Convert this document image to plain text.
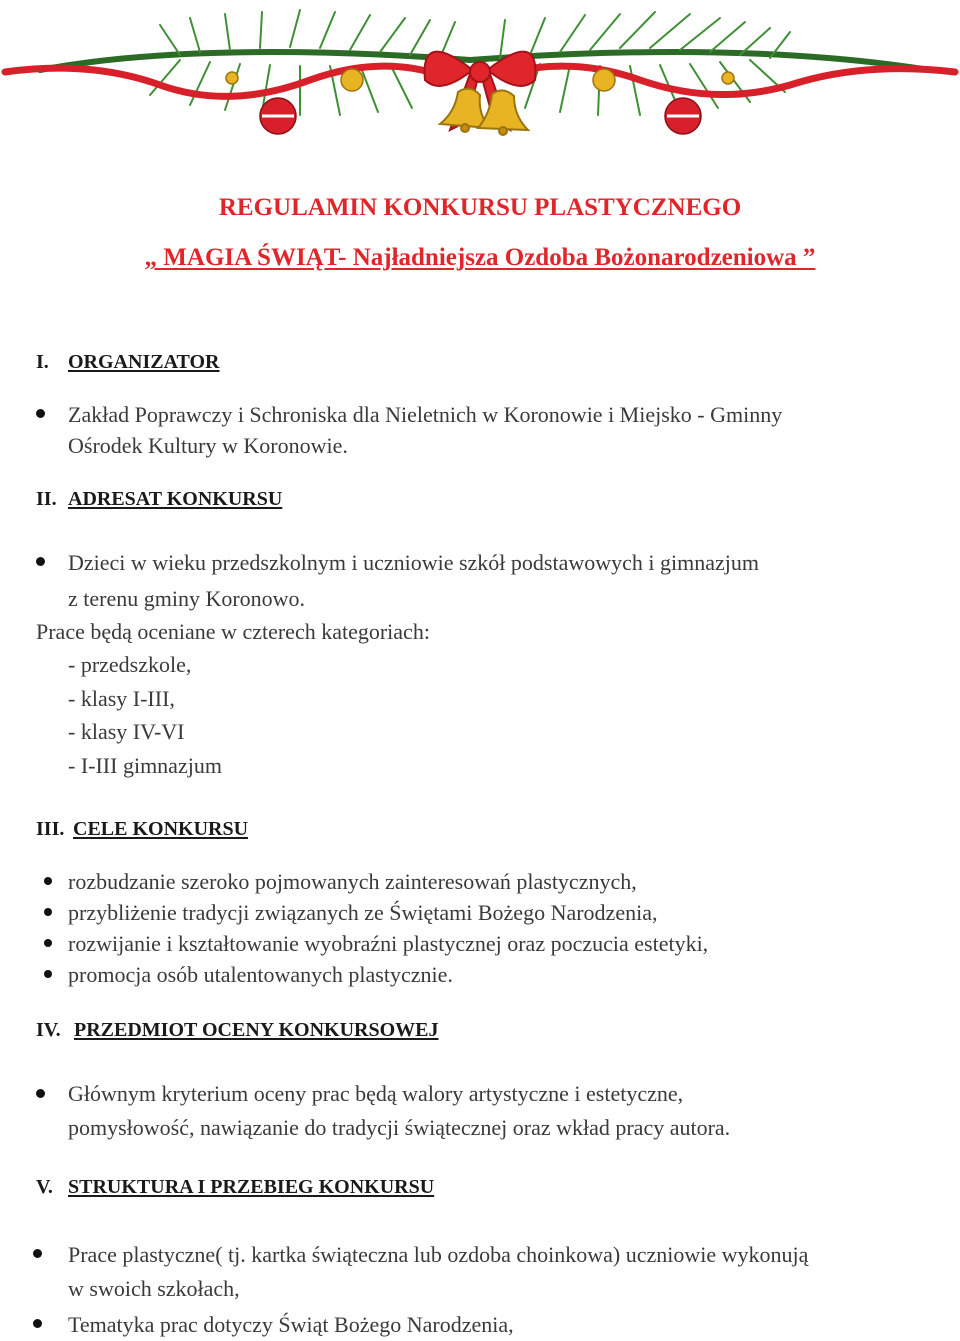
REGULAMIN KONKURSU PLASTYCZNEGO
„ MAGIA ŚWIĄT- Najładniejsza Ozdoba Bożonarodzeniowa ”
I. ORGANIZATOR
Zakład Poprawczy i Schroniska dla Nieletnich w Koronowie i Miejsko - Gminny
Ośrodek Kultury w Koronowie.
II. ADRESAT KONKURSU
Dzieci w wieku przedszkolnym i uczniowie szkół podstawowych i gimnazjum
z terenu gminy Koronowo.
Prace będą oceniane w czterech kategoriach:
- przedszkole,
- klasy I-III,
- klasy IV-VI
- I-III gimnazjum
III. CELE KONKURSU
rozbudzanie szeroko pojmowanych zainteresowań plastycznych,
przybliżenie tradycji związanych ze Świętami Bożego Narodzenia,
rozwijanie i kształtowanie wyobraźni plastycznej oraz poczucia estetyki,
promocja osób utalentowanych plastycznie.
IV. PRZEDMIOT OCENY KONKURSOWEJ
Głównym kryterium oceny prac będą walory artystyczne i estetyczne,
pomysłowość, nawiązanie do tradycji świątecznej oraz wkład pracy autora.
V. STRUKTURA I PRZEBIEG KONKURSU
Prace plastyczne( tj. kartka świąteczna lub ozdoba choinkowa) uczniowie wykonują
w swoich szkołach,
Tematyka prac dotyczy Świąt Bożego Narodzenia,
